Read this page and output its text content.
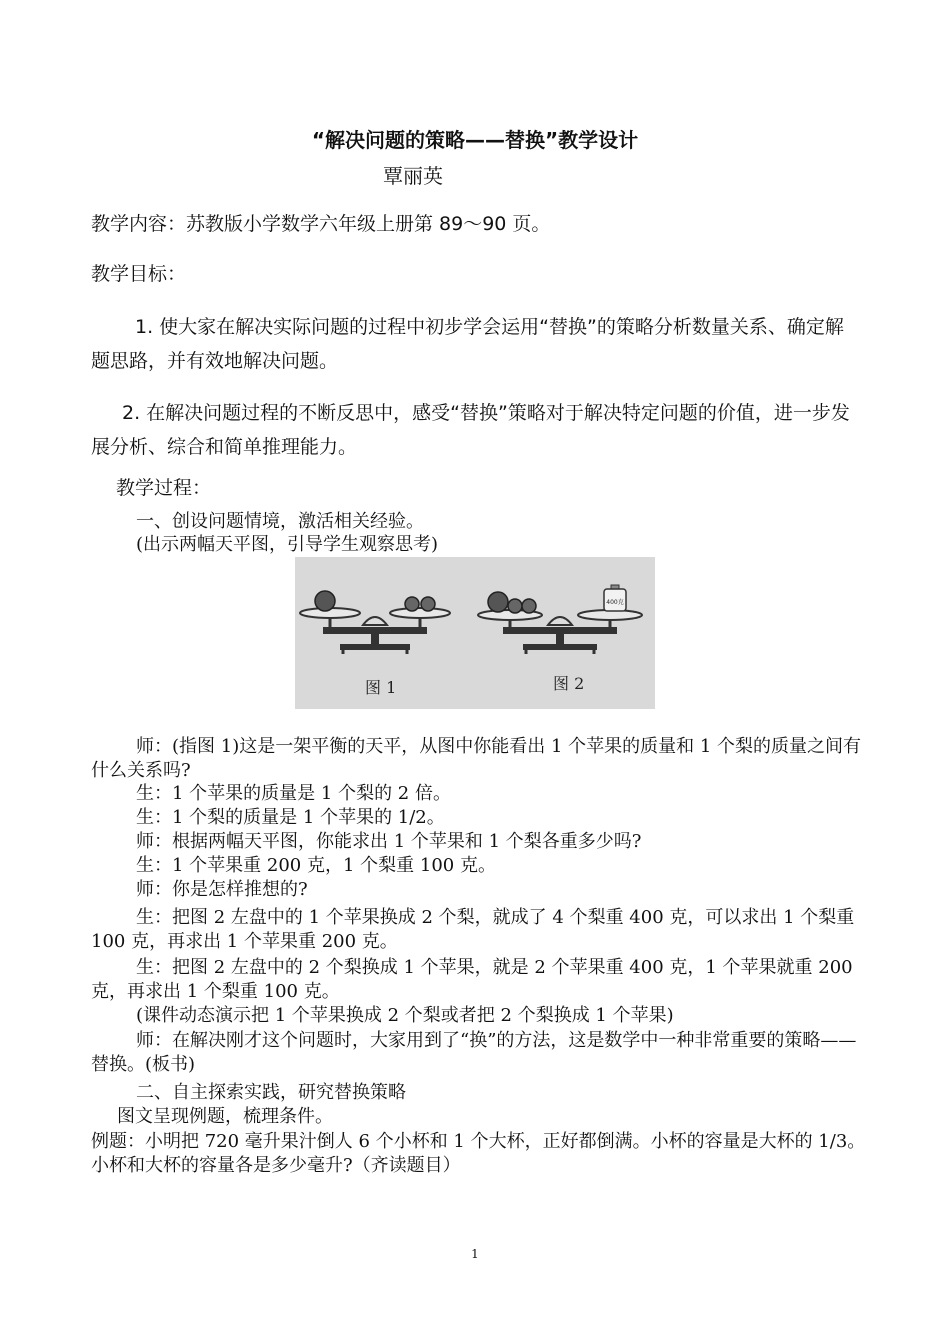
“解决问题的策略——替换”教学设计
覃丽英

教学内容：苏教版小学数学六年级上册第 89～90 页。

教学目标：

1. 使大家在解决实际问题的过程中初步学会运用“替换”的策略分析数量关系、确定解题思路，并有效地解决问题。

2. 在解决问题过程的不断反思中，感受“替换”策略对于解决特定问题的价值，进一步发展分析、综合和简单推理能力。

教学过程：

一、创设问题情境，激活相关经验。

(出示两幅天平图，引导学生观察思考)

400克
图 1	图 2

师：(指图 1)这是一架平衡的天平，从图中你能看出 1 个苹果的质量和 1 个梨的质量之间有什么关系吗?

生：1 个苹果的质量是 1 个梨的 2 倍。

生：1 个梨的质量是 1 个苹果的 1/2。

师：根据两幅天平图，你能求出 1 个苹果和 1 个梨各重多少吗?

生：1 个苹果重 200 克，1 个梨重 100 克。

师：你是怎样推想的?

生：把图 2 左盘中的 1 个苹果换成 2 个梨，就成了 4 个梨重 400 克，可以求出 1 个梨重 100 克，再求出 1 个苹果重 200 克。

生：把图 2 左盘中的 2 个梨换成 1 个苹果，就是 2 个苹果重 400 克，1 个苹果就重 200 克，再求出 1 个梨重 100 克。

(课件动态演示把 1 个苹果换成 2 个梨或者把 2 个梨换成 1 个苹果)

师：在解决刚才这个问题时，大家用到了“换”的方法，这是数学中一种非常重要的策略——替换。(板书)

二、自主探索实践，研究替换策略

图文呈现例题，梳理条件。

例题：小明把 720 毫升果汁倒人 6 个小杯和 1 个大杯，正好都倒满。小杯的容量是大杯的 1/3。小杯和大杯的容量各是多少毫升?（齐读题目）

1
